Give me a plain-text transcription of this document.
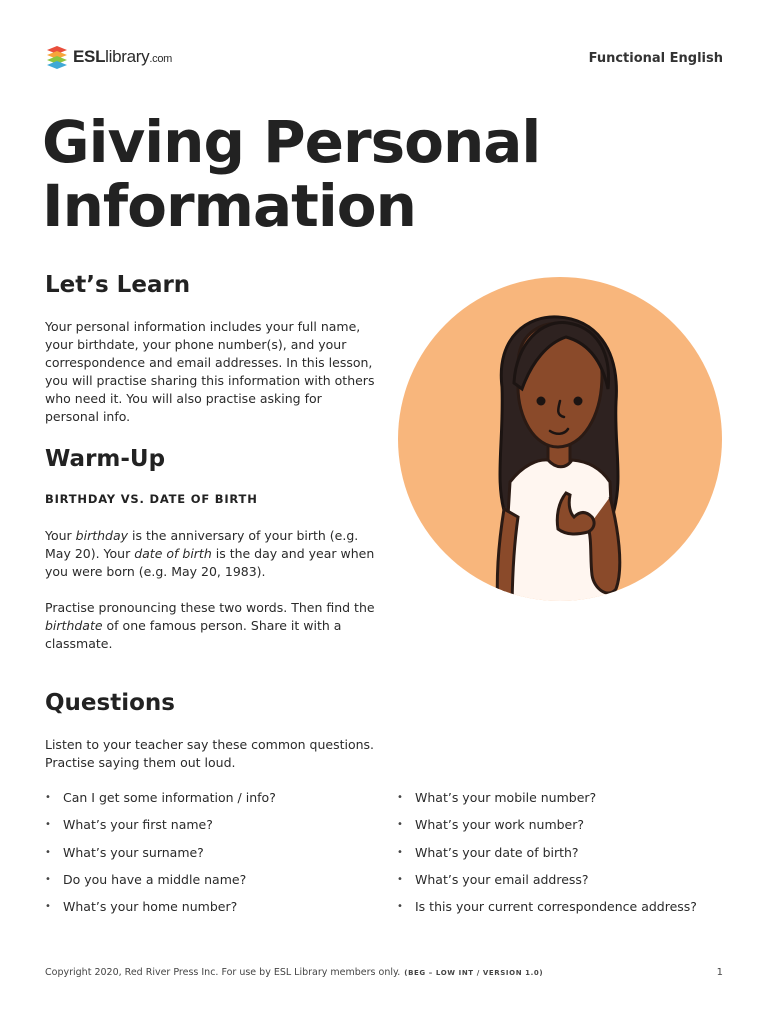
ESLlibrary.com	Functional English
Giving Personal
Information
Let’s Learn

Your personal information includes your full name, your birthdate, your phone number(s), and your correspondence and email addresses. In this lesson, you will practise sharing this information with others who need it. You will also practise asking for personal info.

Warm-Up
BIRTHDAY VS. DATE OF BIRTH

Your birthday is the anniversary of your birth (e.g. May 20). Your date of birth is the day and year when you were born (e.g. May 20, 1983).

Practise pronouncing these two words. Then find the birthdate of one famous person. Share it with a classmate.

Questions

Listen to your teacher say these common questions. Practise saying them out loud.

• Can I get some information / info?
• What’s your first name?
• What’s your surname?
• Do you have a middle name?
• What’s your home number?
• What’s your mobile number?
• What’s your work number?
• What’s your date of birth?
• What’s your email address?
• Is this your current correspondence address?
Copyright 2020, Red River Press Inc. For use by ESL Library members only. (BEG – LOW INT / VERSION 1.0)	1
